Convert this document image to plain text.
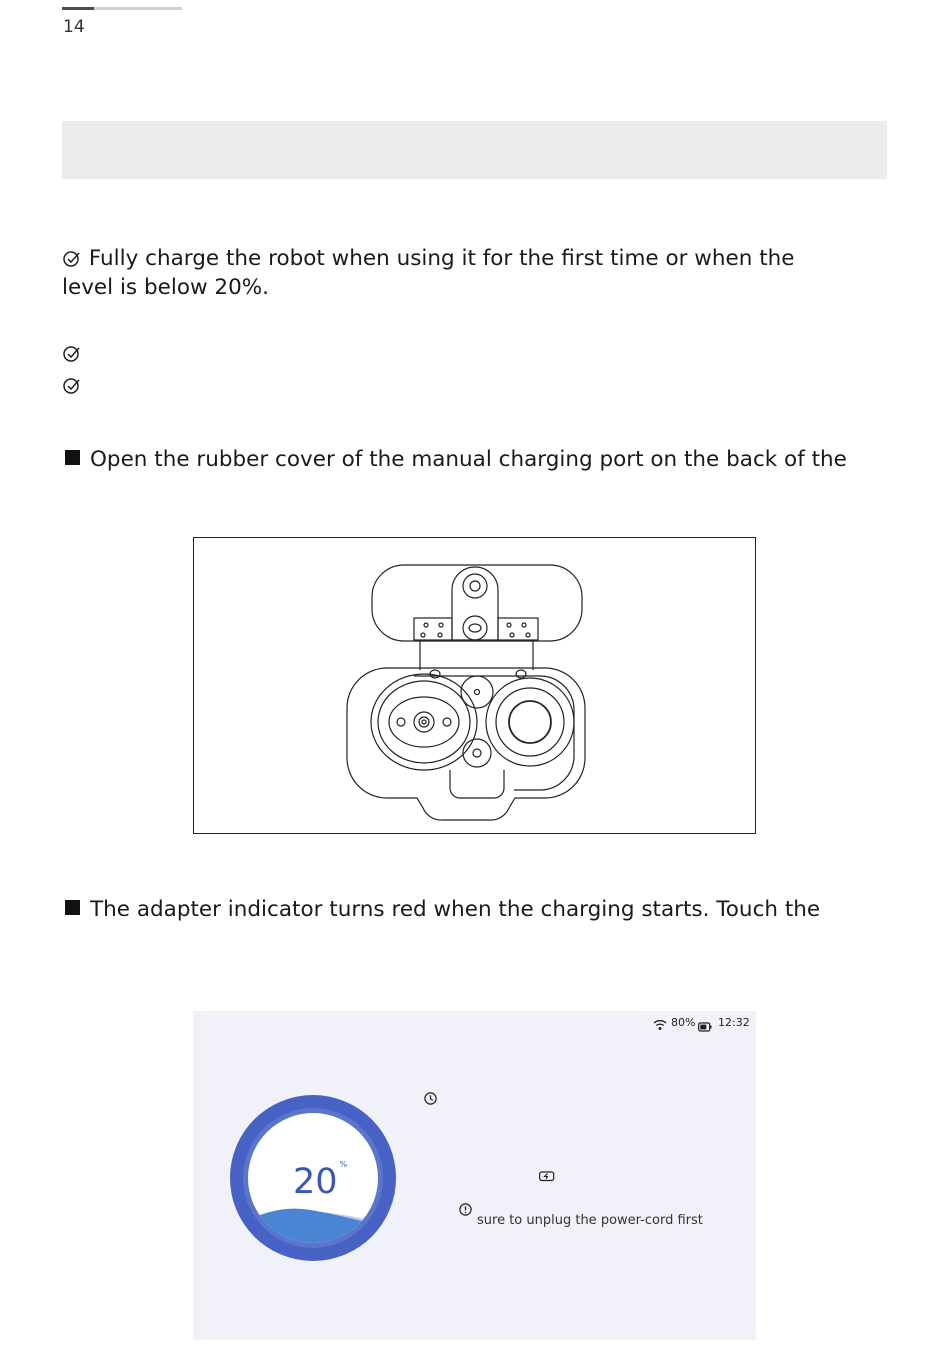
14
Fully charge the robot when using it for the first time or when the
level is below 20%.
Open the rubber cover of the manual charging port on the back of the
The adapter indicator turns red when the charging starts. Touch the
80% 12:32
20 %
sure to unplug the power-cord first
